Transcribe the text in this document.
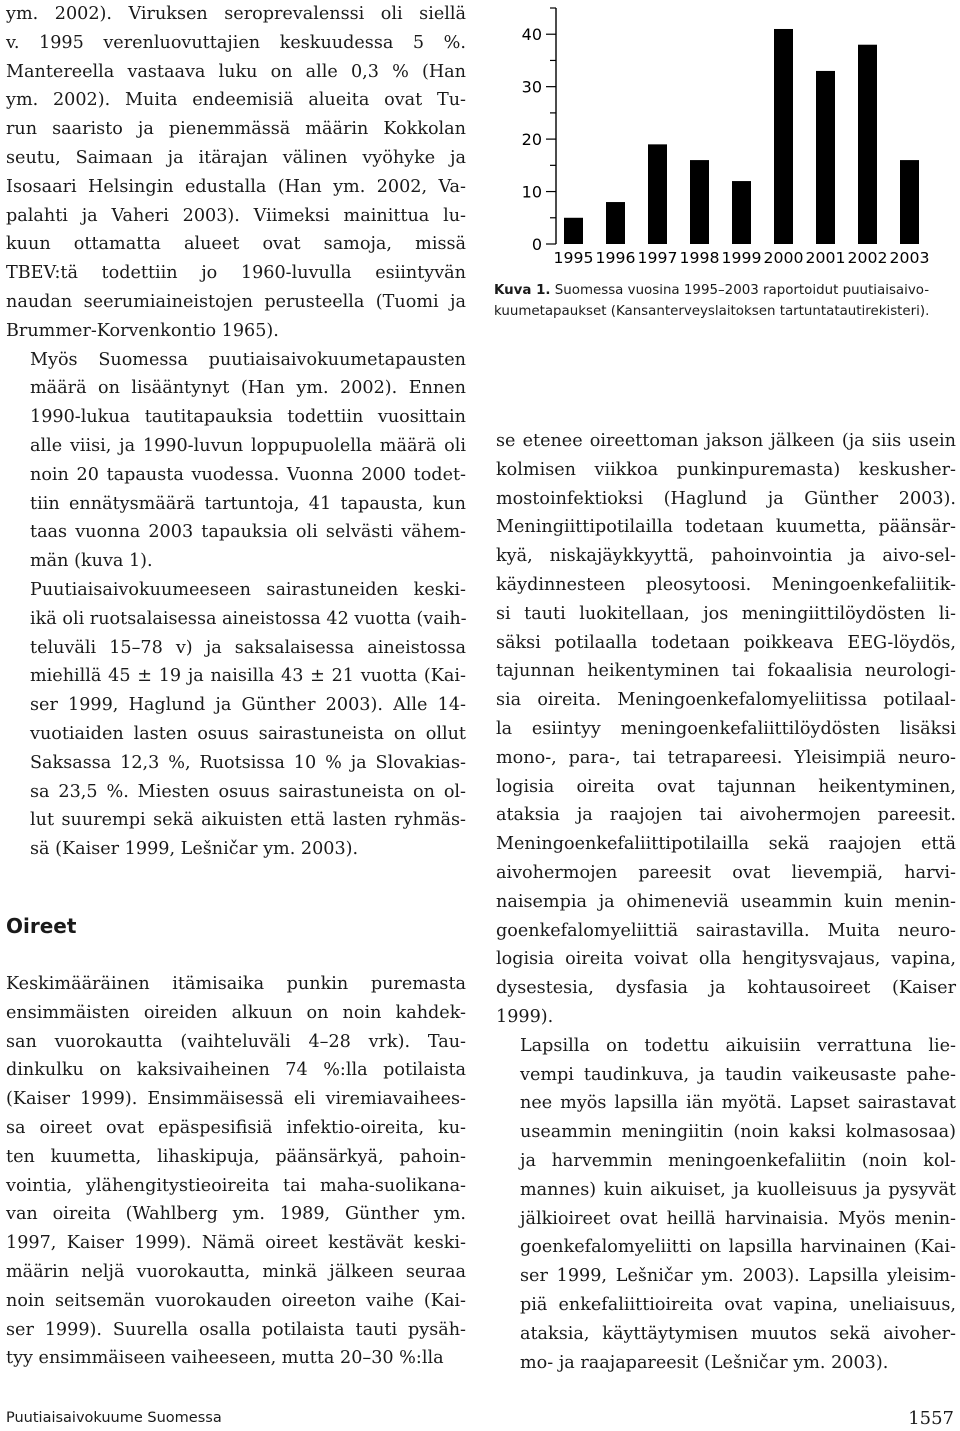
ym. 2002). Viruksen seroprevalenssi oli siellä
v. 1995 verenluovuttajien keskuudessa 5 %.
Mantereella vastaava luku on alle 0,3 % (Han
ym. 2002). Muita endeemisiä alueita ovat Tu-
run saaristo ja pienemmässä määrin Kokkolan
seutu, Saimaan ja itärajan välinen vyöhyke ja
Isosaari Helsingin edustalla (Han ym. 2002, Va-
palahti ja Vaheri 2003). Viimeksi mainittua lu-
kuun ottamatta alueet ovat samoja, missä
TBEV:tä todettiin jo 1960-luvulla esiintyvän
naudan seerumiaineistojen perusteella (Tuomi ja
Brummer-Korvenkontio 1965).

Myös Suomessa puutiaisaivokuumetapausten
määrä on lisääntynyt (Han ym. 2002). Ennen
1990-lukua tautitapauksia todettiin vuosittain
alle viisi, ja 1990-luvun loppupuolella määrä oli
noin 20 tapausta vuodessa. Vuonna 2000 todet-
tiin ennätysmäärä tartuntoja, 41 tapausta, kun
taas vuonna 2003 tapauksia oli selvästi vähem-
män (kuva 1).

Puutiaisaivokuumeeseen sairastuneiden keski-
ikä oli ruotsalaisessa aineistossa 42 vuotta (vaih-
teluväli 15–78 v) ja saksalaisessa aineistossa
miehillä 45 ± 19 ja naisilla 43 ± 21 vuotta (Kai-
ser 1999, Haglund ja Günther 2003). Alle 14-
vuotiaiden lasten osuus sairastuneista on ollut
Saksassa 12,3 %, Ruotsissa 10 % ja Slovakias-
sa 23,5 %. Miesten osuus sairastuneista on ol-
lut suurempi sekä aikuisten että lasten ryhmäs-
sä (Kaiser 1999, Lešničar ym. 2003).

Oireet

Keskimääräinen itämisaika punkin puremasta
ensimmäisten oireiden alkuun on noin kahdek-
san vuorokautta (vaihteluväli 4–28 vrk). Tau-
dinkulku on kaksivaiheinen 74 %:lla potilaista
(Kaiser 1999). Ensimmäisessä eli viremiavaihees-
sa oireet ovat epäspesifisiä infektio-oireita, ku-
ten kuumetta, lihaskipuja, päänsärkyä, pahoin-
vointia, ylähengitystieoireita tai maha-suolikana-
van oireita (Wahlberg ym. 1989, Günther ym.
1997, Kaiser 1999). Nämä oireet kestävät keski-
määrin neljä vuorokautta, minkä jälkeen seuraa
noin seitsemän vuorokauden oireeton vaihe (Kai-
ser 1999). Suurella osalla potilaista tauti pysäh-
tyy ensimmäiseen vaiheeseen, mutta 20–30 %:lla

0
10
20
30
40
1995 1996 1997 1998 1999 2000 2001 2002 2003

Kuva 1. Suomessa vuosina 1995–2003 raportoidut puutiaisaivo-
kuumetapaukset (Kansanterveyslaitoksen tartuntatautirekisteri).

se etenee oireettoman jakson jälkeen (ja siis usein
kolmisen viikkoa punkinpuremasta) keskusher-
mostoinfektioksi (Haglund ja Günther 2003).
Meningiittipotilailla todetaan kuumetta, päänsär-
kyä, niskajäykkyyttä, pahoinvointia ja aivo-sel-
käydinnesteen pleosytoosi. Meningoenkefaliitik-
si tauti luokitellaan, jos meningiittilöydösten li-
säksi potilaalla todetaan poikkeava EEG-löydös,
tajunnan heikentyminen tai fokaalisia neurologi-
sia oireita. Meningoenkefalomyeliitissa potilaal-
la esiintyy meningoenkefaliittilöydösten lisäksi
mono-, para-, tai tetrapareesi. Yleisimpiä neuro-
logisia oireita ovat tajunnan heikentyminen,
ataksia ja raajojen tai aivohermojen pareesit.
Meningoenkefaliittipotilailla sekä raajojen että
aivohermojen pareesit ovat lievempiä, harvi-
naisempia ja ohimeneviä useammin kuin menin-
goenkefalomyeliittiä sairastavilla. Muita neuro-
logisia oireita voivat olla hengitysvajaus, vapina,
dysestesia, dysfasia ja kohtausoireet (Kaiser
1999).

Lapsilla on todettu aikuisiin verrattuna lie-
vempi taudinkuva, ja taudin vaikeusaste pahe-
nee myös lapsilla iän myötä. Lapset sairastavat
useammin meningiitin (noin kaksi kolmasosaa)
ja harvemmin meningoenkefaliitin (noin kol-
mannes) kuin aikuiset, ja kuolleisuus ja pysyvät
jälkioireet ovat heillä harvinaisia. Myös menin-
goenkefalomyeliitti on lapsilla harvinainen (Kai-
ser 1999, Lešničar ym. 2003). Lapsilla yleisim-
piä enkefaliittioireita ovat vapina, uneliaisuus,
ataksia, käyttäytymisen muutos sekä aivoher-
mo- ja raajapareesit (Lešničar ym. 2003).

Puutiaisaivokuume Suomessa	1557
